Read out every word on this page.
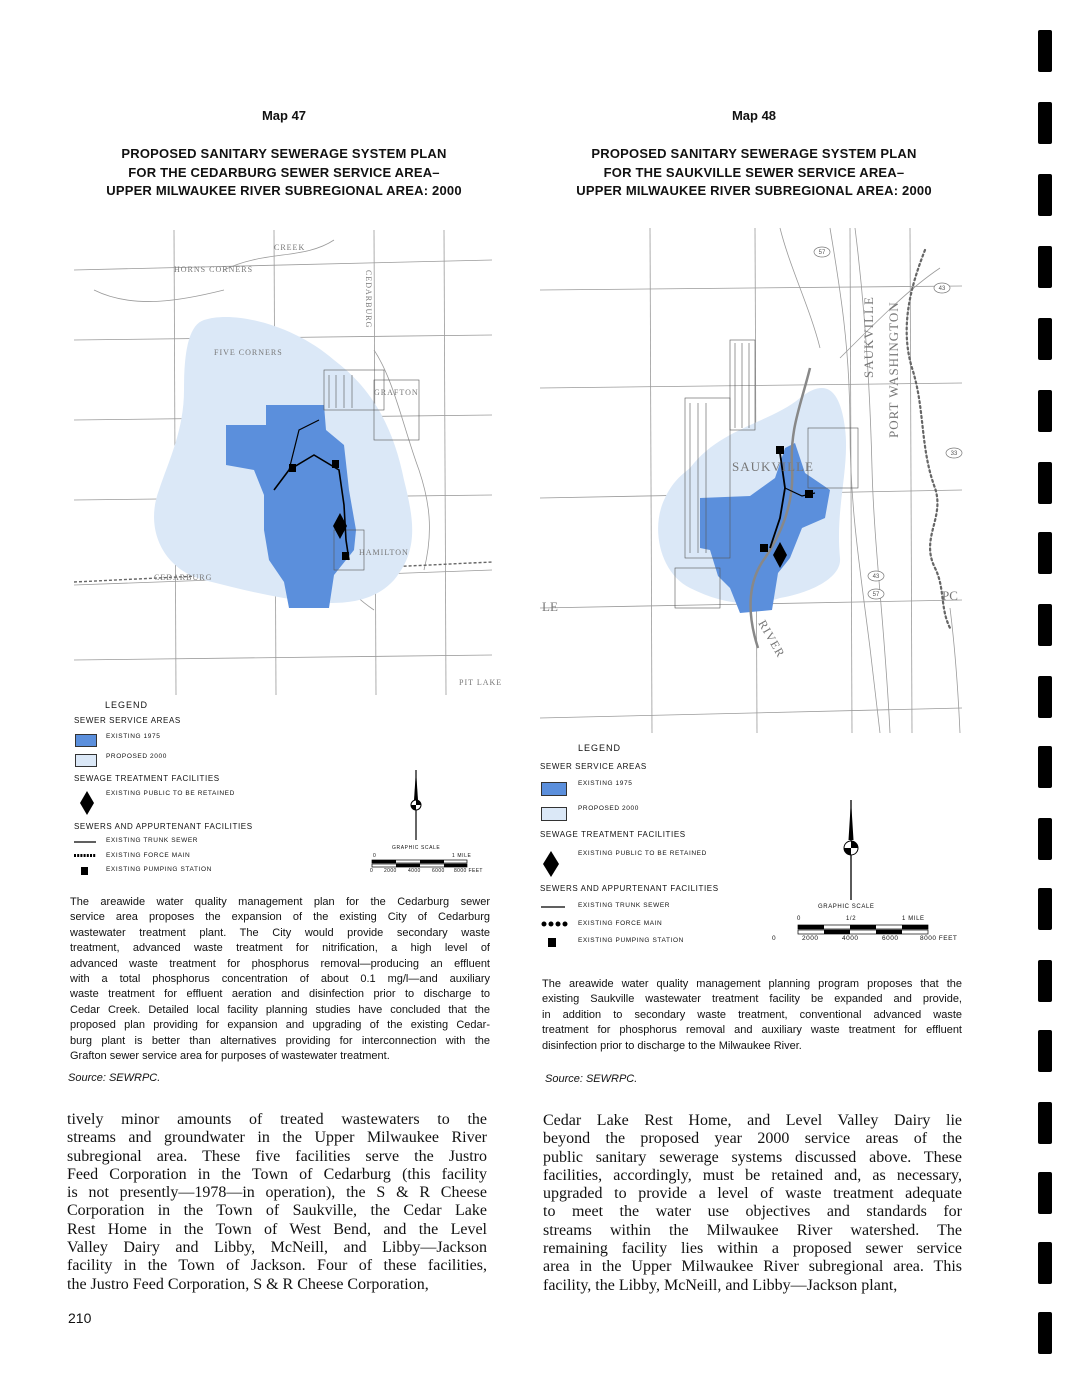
Map 47
PROPOSED SANITARY SEWERAGE SYSTEM PLAN
FOR THE CEDARBURG SEWER SERVICE AREA–
UPPER MILWAUKEE RIVER SUBREGIONAL AREA: 2000
HORNS CORNERS
FIVE CORNERS
GRAFTON
HAMILTON
CEDARBURG
CREEK
PIT LAKE
CEDARBURG
LEGEND
SEWER SERVICE AREAS
EXISTING 1975
PROPOSED 2000
SEWAGE TREATMENT FACILITIES
EXISTING PUBLIC TO BE RETAINED
SEWERS AND APPURTENANT FACILITIES
EXISTING TRUNK SEWER
EXISTING FORCE MAIN
EXISTING PUMPING STATION
GRAPHIC SCALE
0	1 MILE
0 2000 4000 6000 8000 FEET
The areawide water quality management plan for the Cedarburg sewer
service area proposes the expansion of the existing City of Cedarburg
wastewater treatment plant. The City would provide secondary waste
treatment, advanced waste treatment for nitrification, a high level of
advanced waste treatment for phosphorus removal—producing an effluent
with a total phosphorus concentration of about 0.1 mg/l—and auxiliary
waste treatment for effluent aeration and disinfection prior to discharge to
Cedar Creek. Detailed local facility planning studies have concluded that the
proposed plan providing for expansion and upgrading of the existing Cedar-
burg plant is better than alternatives providing for interconnection with the
Grafton sewer service area for purposes of wastewater treatment.
Source: SEWRPC.
tively minor amounts of treated wastewaters to the
streams and groundwater in the Upper Milwaukee River
subregional area. These five facilities serve the Justro
Feed Corporation in the Town of Cedarburg (this facility
is not presently—1978—in operation), the S & R Cheese
Corporation in the Town of Saukville, the Cedar Lake
Rest Home in the Town of West Bend, and the Level
Valley Dairy and Libby, McNeill, and Libby—Jackson
facility in the Town of Jackson. Four of these facilities,
the Justro Feed Corporation, S & R Cheese Corporation,
210
Map 48
PROPOSED SANITARY SEWERAGE SYSTEM PLAN
FOR THE SAUKVILLE SEWER SERVICE AREA–
UPPER MILWAUKEE RIVER SUBREGIONAL AREA: 2000
SAUKVILLE
SAUKVILLE PORT WASHINGTON
RIVER
LE
PC
57
43
33
43
57
LEGEND
SEWER SERVICE AREAS
EXISTING 1975
PROPOSED 2000
SEWAGE TREATMENT FACILITIES
EXISTING PUBLIC TO BE RETAINED
SEWERS AND APPURTENANT FACILITIES
EXISTING TRUNK SEWER
EXISTING FORCE MAIN
EXISTING PUMPING STATION
GRAPHIC SCALE
0	1/2	1 MILE
0	2000	4000	6000	8000 FEET
The areawide water quality management planning program proposes that the
existing Saukville wastewater treatment facility be expanded and provide,
in addition to secondary waste treatment, conventional advanced waste
treatment for phosphorus removal and auxiliary waste treatment for effluent
disinfection prior to discharge to the Milwaukee River.
Source: SEWRPC.
Cedar Lake Rest Home, and Level Valley Dairy lie
beyond the proposed year 2000 service areas of the
public sanitary sewerage systems discussed above. These
facilities, accordingly, must be retained and, as necessary,
upgraded to provide a level of waste treatment adequate
to meet the water use objectives and standards for
streams within the Milwaukee River watershed. The
remaining facility lies within a proposed sewer service
area in the Upper Milwaukee River subregional area. This
facility, the Libby, McNeill, and Libby—Jackson plant,
